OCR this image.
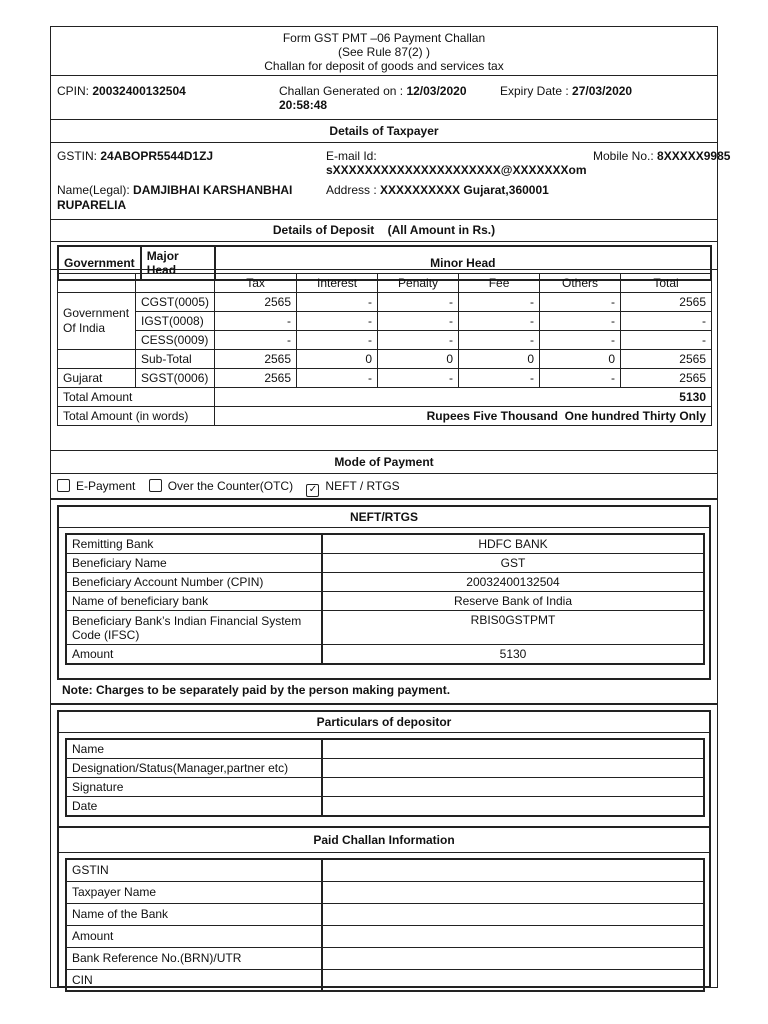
Form GST PMT –06 Payment Challan
(See Rule 87(2) )
Challan for deposit of goods and services tax
CPIN: 20032400132504	Challan Generated on : 12/03/2020
20:58:48
Expiry Date : 27/03/2020
Details of Taxpayer
GSTIN: 24ABOPR5544D1ZJ	E-mail Id:
sXXXXXXXXXXXXXXXXXXXXX@XXXXXXXom
Mobile No.: 8XXXXX9985
Name(Legal): DAMJIBHAI KARSHANBHAI
RUPARELIA
Address : XXXXXXXXXX Gujarat,360001
Details of Deposit (All Amount in Rs.)
Government	Major Head	Minor Head
		Tax	Interest	Penalty	Fee	Others	Total
Government
Of India	CGST(0005)	2565	-	-	-	-	2565
	IGST(0008)	-	-	-	-	-	-
	CESS(0009)	-	-	-	-	-	-
	Sub-Total	2565	0	0	0	0	2565
Gujarat	SGST(0006)	2565	-	-	-	-	2565
Total Amount		5130					
Total Amount (in words)		Rupees Five Thousand  One hundred Thirty Only					
Mode of Payment
E-Payment	Over the Counter(OTC) ✓ NEFT / RTGS
NEFT/RTGS
Remitting Bank	HDFC BANK
Beneficiary Name	GST
Beneficiary Account Number (CPIN)	20032400132504
Name of beneficiary bank	Reserve Bank of India
Beneficiary Bank’s Indian Financial System Code (IFSC)	RBIS0GSTPMT
Amount	5130
Note: Charges to be separately paid by the person making payment.
Particulars of depositor
Name	
Designation/Status(Manager,partner etc)	
Signature	
Date	
Paid Challan Information
GSTIN	
Taxpayer Name	
Name of the Bank	
Amount	
Bank Reference No.(BRN)/UTR	
CIN	
